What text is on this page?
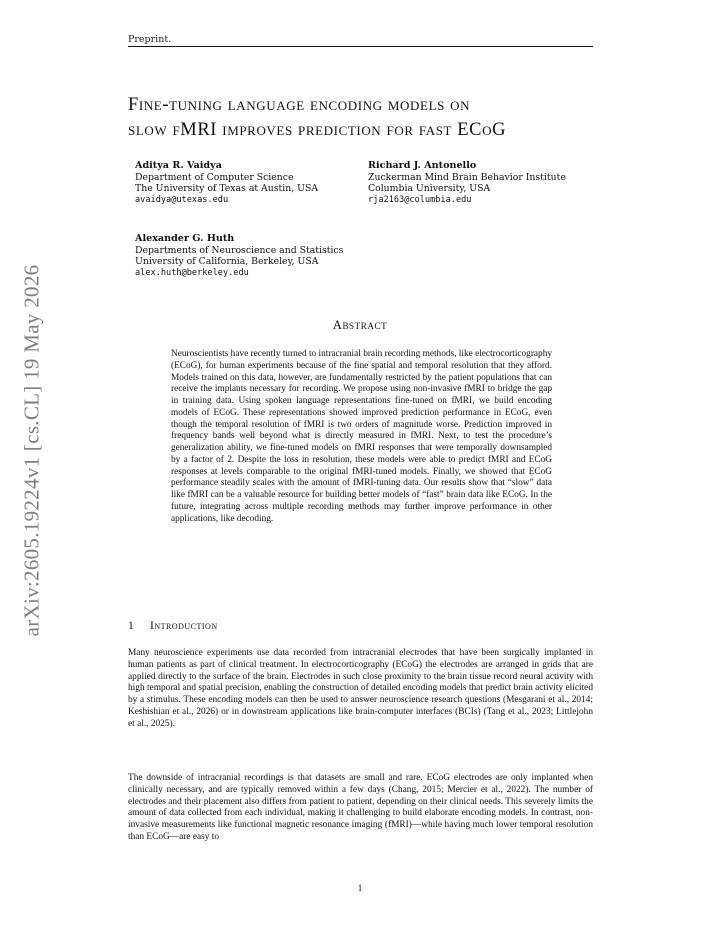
Preprint.
arXiv:2605.19224v1 [cs.CL] 19 May 2026
Fine-tuning language encoding models on
slow fMRI improves prediction for fast ECoG
Aditya R. Vaidya
Department of Computer Science
The University of Texas at Austin, USA
avaidya@utexas.edu
Richard J. Antonello
Zuckerman Mind Brain Behavior Institute
Columbia University, USA
rja2163@columbia.edu
Alexander G. Huth
Departments of Neuroscience and Statistics
University of California, Berkeley, USA
alex.huth@berkeley.edu
Abstract
Neuroscientists have recently turned to intracranial brain recording methods, like electrocorticography (ECoG), for human experiments because of the fine spatial and temporal resolution that they afford. Models trained on this data, however, are fundamentally restricted by the patient populations that can receive the implants necessary for recording. We propose using non-invasive fMRI to bridge the gap in training data. Using spoken language representations fine-tuned on fMRI, we build encoding models of ECoG. These representations showed improved prediction performance in ECoG, even though the temporal resolution of fMRI is two orders of magnitude worse. Prediction improved in frequency bands well beyond what is directly measured in fMRI. Next, to test the procedure’s generalization ability, we fine-tuned models on fMRI responses that were temporally downsampled by a factor of 2. Despite the loss in resolution, these models were able to predict fMRI and ECoG responses at levels comparable to the original fMRI-tuned models. Finally, we showed that ECoG performance steadily scales with the amount of fMRI-tuning data. Our results show that “slow” data like fMRI can be a valuable resource for building better models of “fast” brain data like ECoG. In the future, integrating across multiple recording methods may further improve performance in other applications, like decoding.
1 Introduction

Many neuroscience experiments use data recorded from intracranial electrodes that have been surgically implanted in human patients as part of clinical treatment. In electrocorticography (ECoG) the electrodes are arranged in grids that are applied directly to the surface of the brain. Electrodes in such close proximity to the brain tissue record neural activity with high temporal and spatial precision, enabling the construction of detailed encoding models that predict brain activity elicited by a stimulus. These encoding models can then be used to answer neuroscience research questions (Mesgarani et al., 2014; Keshishian et al., 2026) or in downstream applications like brain-computer interfaces (BCIs) (Tang et al., 2023; Littlejohn et al., 2025).

The downside of intracranial recordings is that datasets are small and rare. ECoG electrodes are only implanted when clinically necessary, and are typically removed within a few days (Chang, 2015; Mercier et al., 2022). The number of electrodes and their placement also differs from patient to patient, depending on their clinical needs. This severely limits the amount of data collected from each individual, making it challenging to build elaborate encoding models. In contrast, non-invasive measurements like functional magnetic resonance imaging (fMRI)—while having much lower temporal resolution than ECoG—are easy to

1
